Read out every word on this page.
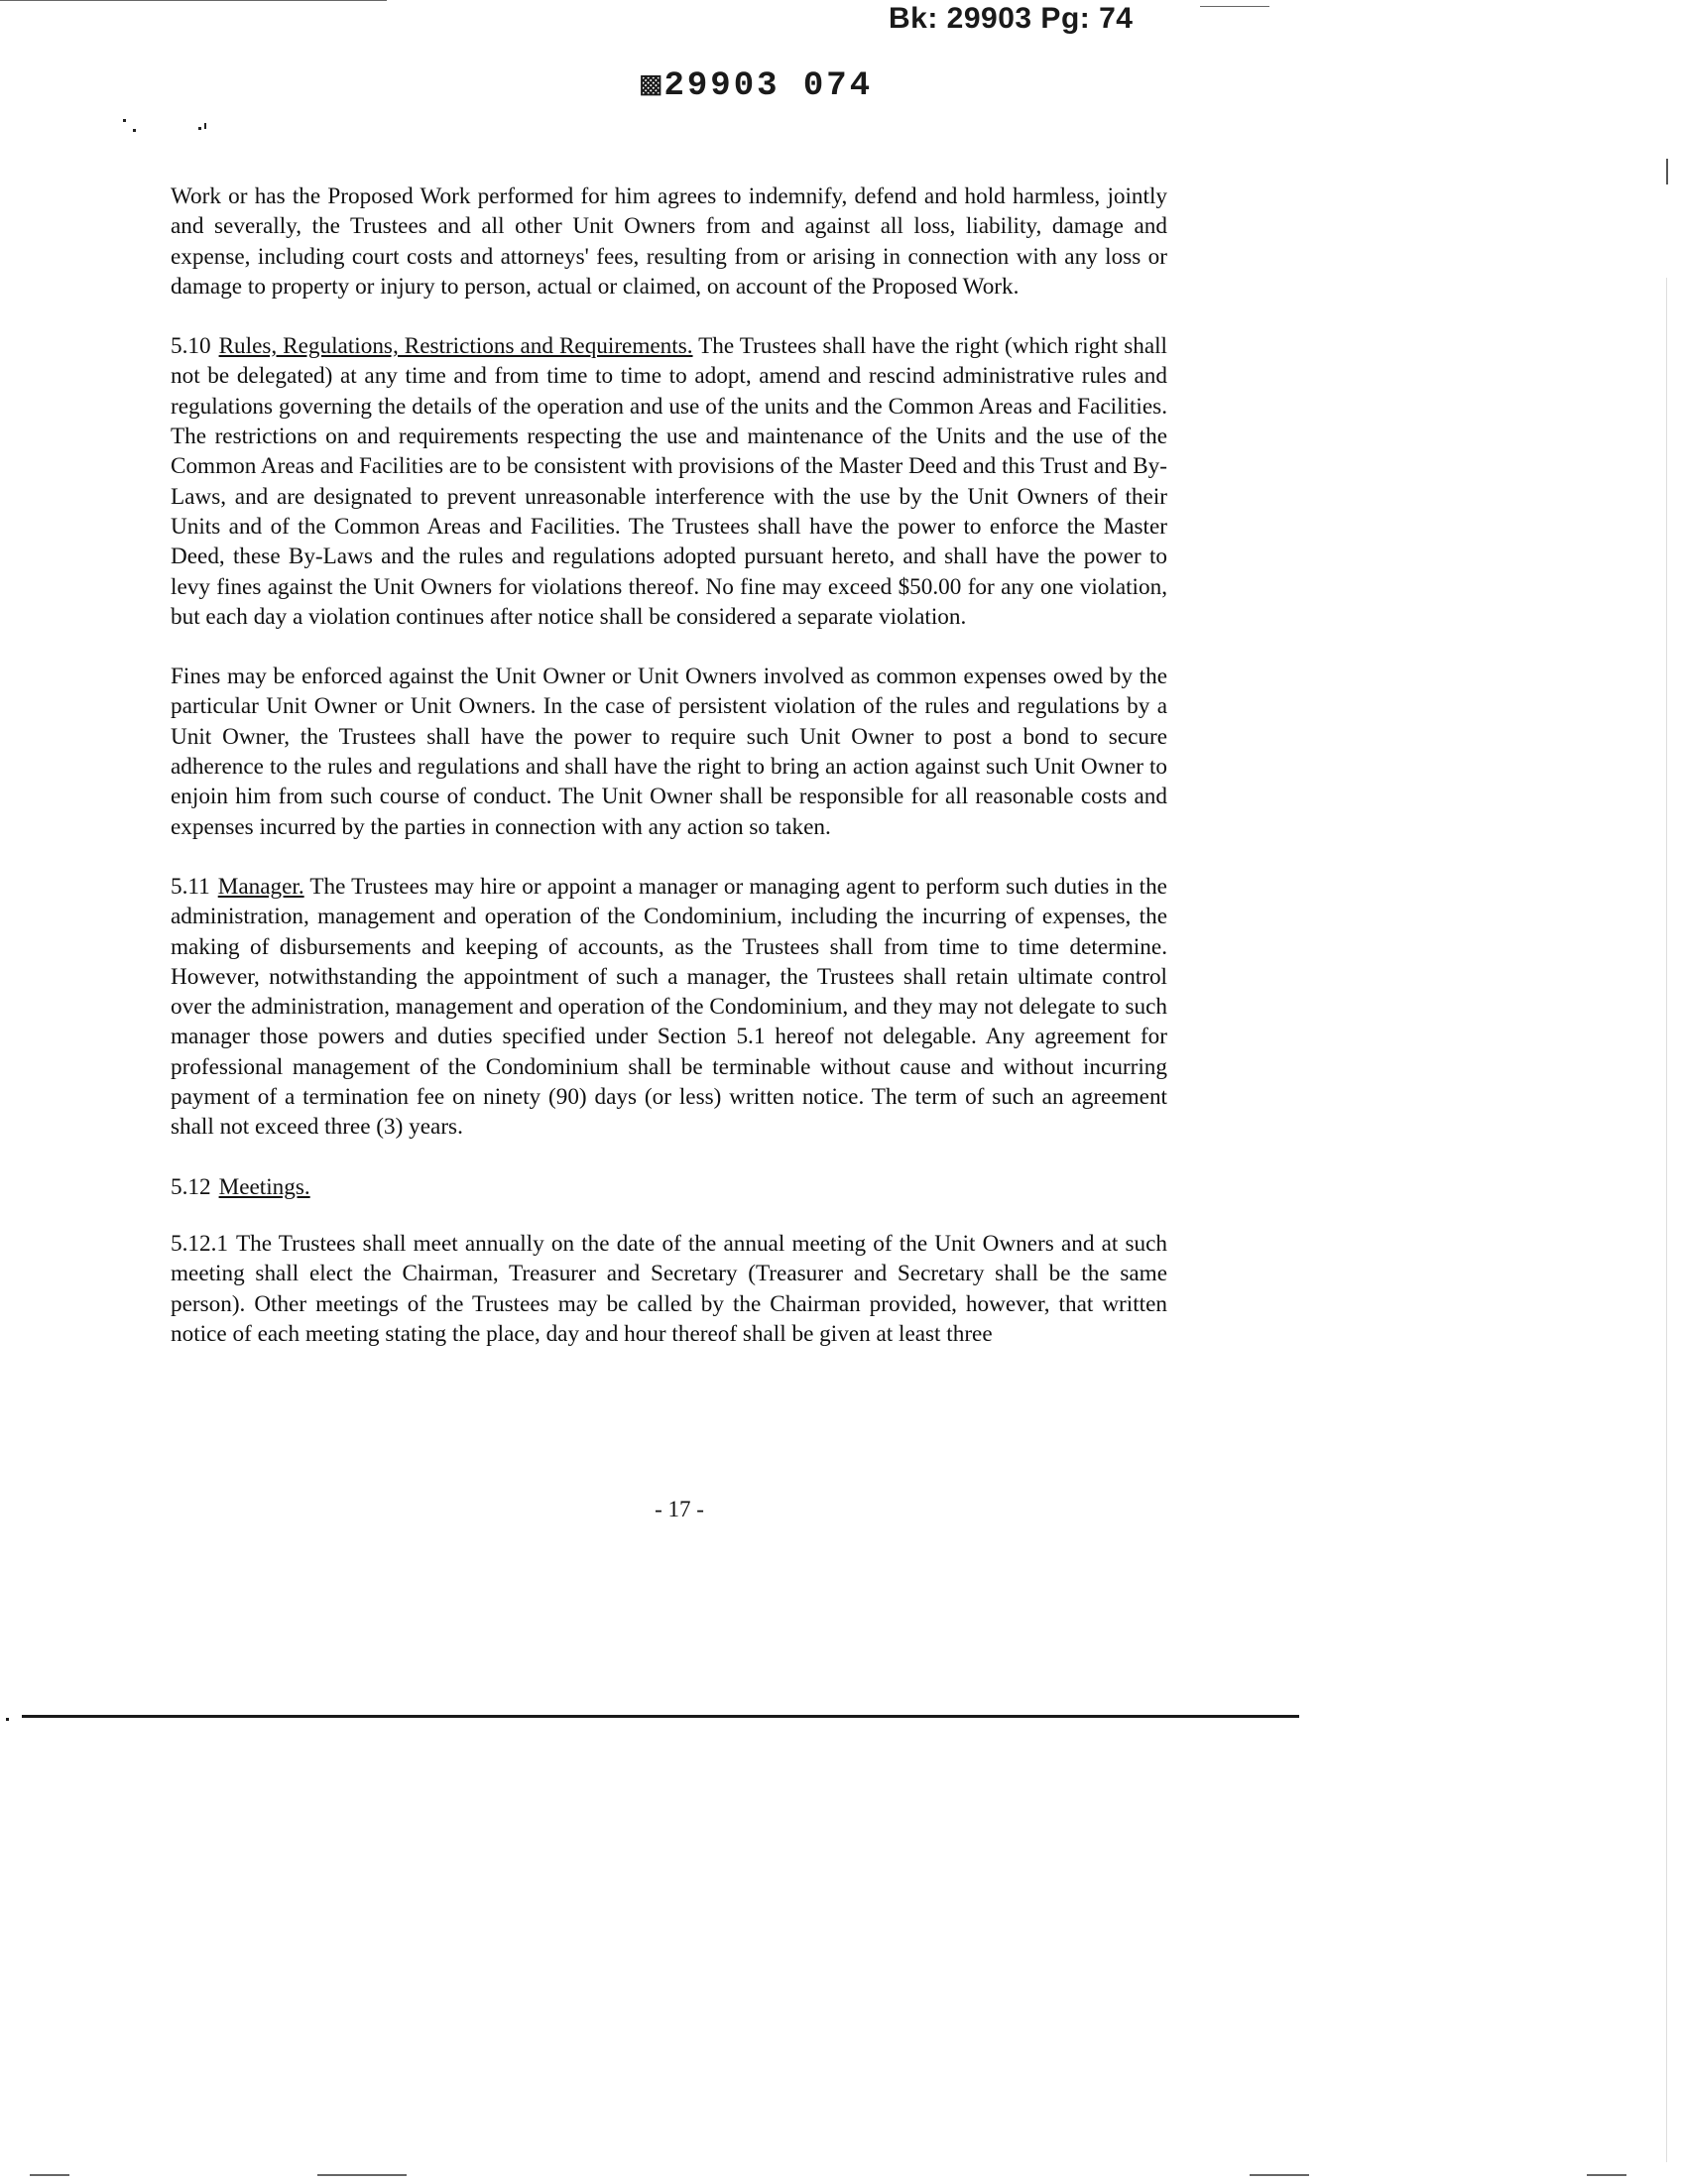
Bk: 29903 Pg: 74
▩29903 074

Work or has the Proposed Work performed for him agrees to indemnify, defend and hold harmless, jointly and severally, the Trustees and all other Unit Owners from and against all loss, liability, damage and expense, including court costs and attorneys' fees, resulting from or arising in connection with any loss or damage to property or injury to person, actual or claimed, on account of the Proposed Work.

5.10 Rules, Regulations, Restrictions and Requirements. The Trustees shall have the right (which right shall not be delegated) at any time and from time to time to adopt, amend and rescind administrative rules and regulations governing the details of the operation and use of the units and the Common Areas and Facilities. The restrictions on and requirements respecting the use and maintenance of the Units and the use of the Common Areas and Facilities are to be consistent with provisions of the Master Deed and this Trust and By-Laws, and are designated to prevent unreasonable interference with the use by the Unit Owners of their Units and of the Common Areas and Facilities. The Trustees shall have the power to enforce the Master Deed, these By-Laws and the rules and regulations adopted pursuant hereto, and shall have the power to levy fines against the Unit Owners for violations thereof. No fine may exceed $50.00 for any one violation, but each day a violation continues after notice shall be considered a separate violation.

Fines may be enforced against the Unit Owner or Unit Owners involved as common expenses owed by the particular Unit Owner or Unit Owners. In the case of persistent violation of the rules and regulations by a Unit Owner, the Trustees shall have the power to require such Unit Owner to post a bond to secure adherence to the rules and regulations and shall have the right to bring an action against such Unit Owner to enjoin him from such course of conduct. The Unit Owner shall be responsible for all reasonable costs and expenses incurred by the parties in connection with any action so taken.

5.11 Manager. The Trustees may hire or appoint a manager or managing agent to perform such duties in the administration, management and operation of the Condominium, including the incurring of expenses, the making of disbursements and keeping of accounts, as the Trustees shall from time to time determine. However, notwithstanding the appointment of such a manager, the Trustees shall retain ultimate control over the administration, management and operation of the Condominium, and they may not delegate to such manager those powers and duties specified under Section 5.1 hereof not delegable. Any agreement for professional management of the Condominium shall be terminable without cause and without incurring payment of a termination fee on ninety (90) days (or less) written notice. The term of such an agreement shall not exceed three (3) years.

5.12 Meetings.

5.12.1 The Trustees shall meet annually on the date of the annual meeting of the Unit Owners and at such meeting shall elect the Chairman, Treasurer and Secretary (Treasurer and Secretary shall be the same person). Other meetings of the Trustees may be called by the Chairman provided, however, that written notice of each meeting stating the place, day and hour thereof shall be given at least three

- 17 -
